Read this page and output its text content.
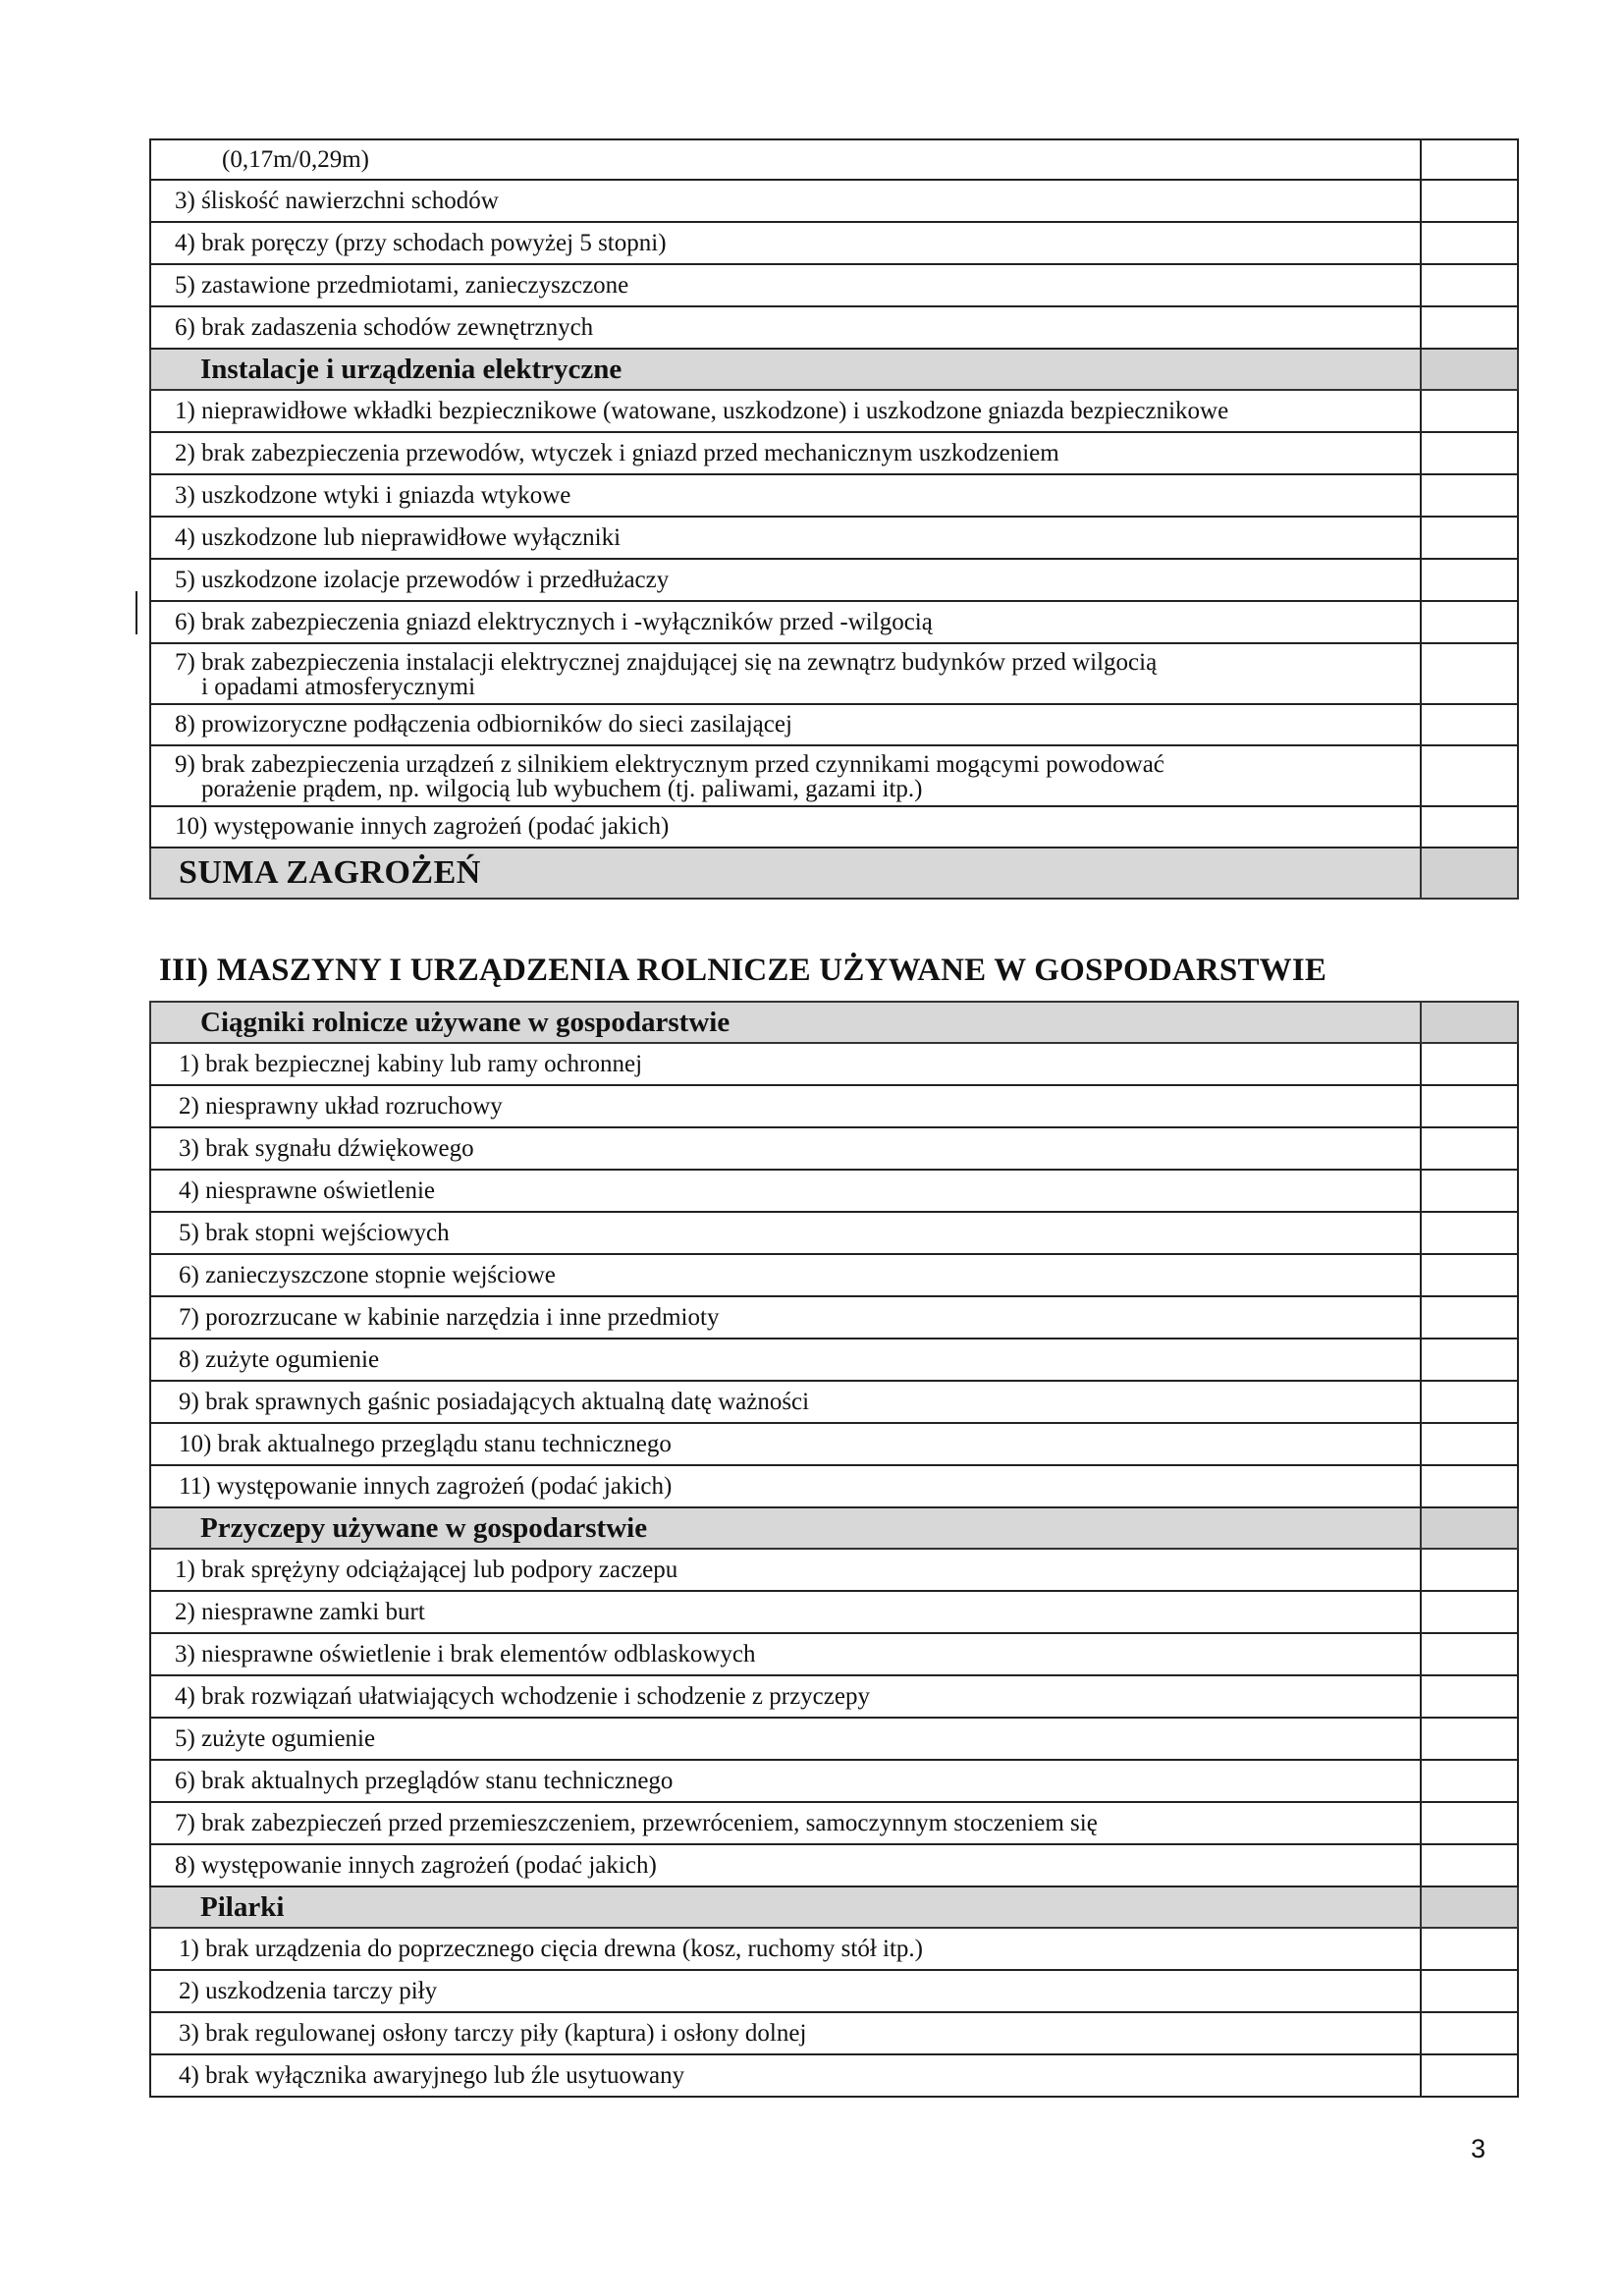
(0,17m/0,29m)	
3) śliskość nawierzchni schodów	
4) brak poręczy (przy schodach powyżej 5 stopni)	
5) zastawione przedmiotami, zanieczyszczone	
6) brak zadaszenia schodów zewnętrznych	
Instalacje i urządzenia elektryczne	
1) nieprawidłowe wkładki bezpiecznikowe (watowane, uszkodzone) i uszkodzone gniazda bezpiecznikowe	
2) brak zabezpieczenia przewodów, wtyczek i gniazd przed mechanicznym uszkodzeniem	
3) uszkodzone wtyki i gniazda wtykowe	
4) uszkodzone lub nieprawidłowe wyłączniki	
5) uszkodzone izolacje przewodów i przedłużaczy	
6) brak zabezpieczenia gniazd elektrycznych i -wyłączników przed -wilgocią	
7) brak zabezpieczenia instalacji elektrycznej znajdującej się na zewnątrz budynków przed wilgocią
i opadami atmosferycznymi	

8) prowizoryczne podłączenia odbiorników do sieci zasilającej	
9) brak zabezpieczenia urządzeń z silnikiem elektrycznym przed czynnikami mogącymi powodować
porażenie prądem, np. wilgocią lub wybuchem (tj. paliwami, gazami itp.)	

10) występowanie innych zagrożeń (podać jakich)	
SUMA ZAGROŻEŃ	
III) MASZYNY I URZĄDZENIA ROLNICZE UŻYWANE W GOSPODARSTWIE
Ciągniki rolnicze używane w gospodarstwie	
1) brak bezpiecznej kabiny lub ramy ochronnej	
2) niesprawny układ rozruchowy	
3) brak sygnału dźwiękowego	
4) niesprawne oświetlenie	
5) brak stopni wejściowych	
6) zanieczyszczone stopnie wejściowe	
7) porozrzucane w kabinie narzędzia i inne przedmioty	
8) zużyte ogumienie	
9) brak sprawnych gaśnic posiadających aktualną datę ważności	
10) brak aktualnego przeglądu stanu technicznego	
11) występowanie innych zagrożeń (podać jakich)	
Przyczepy używane w gospodarstwie	
1) brak sprężyny odciążającej lub podpory zaczepu	
2) niesprawne zamki burt	
3) niesprawne oświetlenie i brak elementów odblaskowych	
4) brak rozwiązań ułatwiających wchodzenie i schodzenie z przyczepy	
5) zużyte ogumienie	
6) brak aktualnych przeglądów stanu technicznego	
7) brak zabezpieczeń przed przemieszczeniem, przewróceniem, samoczynnym stoczeniem się	
8) występowanie innych zagrożeń (podać jakich)	
Pilarki	
1) brak urządzenia do poprzecznego cięcia drewna (kosz, ruchomy stół itp.)	
2) uszkodzenia tarczy piły	
3) brak regulowanej osłony tarczy piły (kaptura) i osłony dolnej	
4) brak wyłącznika awaryjnego lub źle usytuowany	
3
